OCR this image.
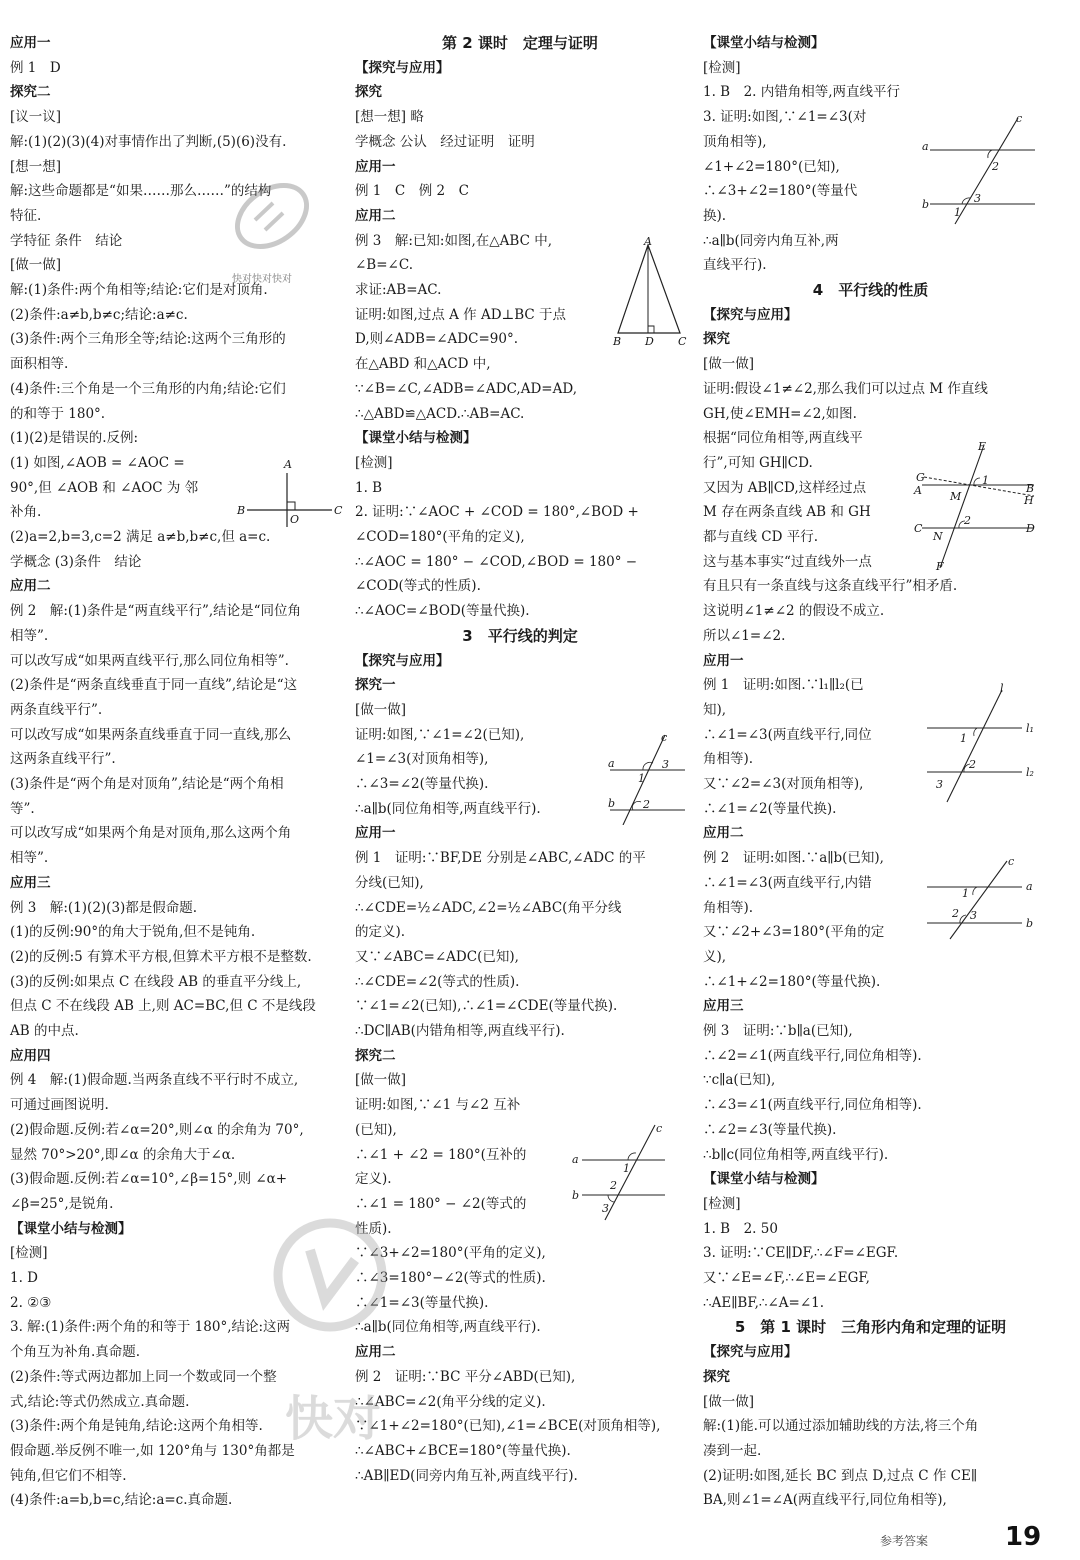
应用一
例 1　D
探究二
[议一议]
解:(1)(2)(3)(4)对事情作出了判断,(5)(6)没有.
[想一想]
解:这些命题都是“如果……那么……”的结构
特征.
学特征 条件　结论
[做一做]
解:(1)条件:两个角相等;结论:它们是对顶角.
(2)条件:a≠b,b≠c;结论:a≠c.
(3)条件:两个三角形全等;结论:这两个三角形的
面积相等.
(4)条件:三个角是一个三角形的内角;结论:它们
的和等于 180°.
(1)(2)是错误的.反例:
(1) 如图,∠AOB = ∠AOC =
90°,但 ∠AOB 和 ∠AOC 为 邻
补角.
(2)a=2,b=3,c=2 满足 a≠b,b≠c,但 a=c.
学概念 (3)条件　结论
应用二
例 2　解:(1)条件是“两直线平行”,结论是“同位角
相等”.
可以改写成“如果两直线平行,那么同位角相等”.
(2)条件是“两条直线垂直于同一直线”,结论是“这
两条直线平行”.
可以改写成“如果两条直线垂直于同一直线,那么
这两条直线平行”.
(3)条件是“两个角是对顶角”,结论是“两个角相
等”.
可以改写成“如果两个角是对顶角,那么这两个角
相等”.
应用三
例 3　解:(1)(2)(3)都是假命题.
(1)的反例:90°的角大于锐角,但不是钝角.
(2)的反例:5 有算术平方根,但算术平方根不是整数.
(3)的反例:如果点 C 在线段 AB 的垂直平分线上,
但点 C 不在线段 AB 上,则 AC=BC,但 C 不是线段
AB 的中点.
应用四
例 4　解:(1)假命题.当两条直线不平行时不成立,
可通过画图说明.
(2)假命题.反例:若∠α=20°,则∠α 的余角为 70°,
显然 70°>20°,即∠α 的余角大于∠α.
(3)假命题.反例:若∠α=10°,∠β=15°,则 ∠α+
∠β=25°,是锐角.
【课堂小结与检测】
[检测]
1. D
2. ②③
3. 解:(1)条件:两个角的和等于 180°,结论:这两
个角互为补角.真命题.
(2)条件:等式两边都加上同一个数或同一个整
式,结论:等式仍然成立.真命题.
(3)条件:两个角是钝角,结论:这两个角相等.
假命题.举反例不唯一,如 120°角与 130°角都是
钝角,但它们不相等.
(4)条件:a=b,b=c,结论:a=c.真命题.
第 2 课时　定理与证明
【探究与应用】
探究
[想一想] 略
学概念 公认　经过证明　证明
应用一
例 1　C　例 2　C
应用二
例 3　解:已知:如图,在△ABC 中,
∠B=∠C.
求证:AB=AC.
证明:如图,过点 A 作 AD⊥BC 于点
D,则∠ADB=∠ADC=90°.
在△ABD 和△ACD 中,
∵∠B=∠C,∠ADB=∠ADC,AD=AD,
∴△ABD≌△ACD.∴AB=AC.
【课堂小结与检测】
[检测]
1. B
2. 证明:∵∠AOC + ∠COD = 180°,∠BOD +
∠COD=180°(平角的定义),
∴∠AOC = 180° − ∠COD,∠BOD = 180° −
∠COD(等式的性质).
∴∠AOC=∠BOD(等量代换).
3　平行线的判定
【探究与应用】
探究一
[做一做]
证明:如图,∵∠1=∠2(已知),
∠1=∠3(对顶角相等),
∴∠3=∠2(等量代换).
∴a∥b(同位角相等,两直线平行).
应用一
例 1　证明:∵BF,DE 分别是∠ABC,∠ADC 的平
分线(已知),
∴∠CDE=½∠ADC,∠2=½∠ABC(角平分线
的定义).
又∵∠ABC=∠ADC(已知),
∴∠CDE=∠2(等式的性质).
∵∠1=∠2(已知),∴∠1=∠CDE(等量代换).
∴DC∥AB(内错角相等,两直线平行).
探究二
[做一做]
证明:如图,∵∠1 与∠2 互补
(已知),
∴∠1 + ∠2 = 180°(互补的
定义).
∴∠1 = 180° − ∠2(等式的
性质).
∵∠3+∠2=180°(平角的定义),
∴∠3=180°−∠2(等式的性质).
∴∠1=∠3(等量代换).
∴a∥b(同位角相等,两直线平行).
应用二
例 2　证明:∵BC 平分∠ABD(已知),
∴∠ABC=∠2(角平分线的定义).
∵∠1+∠2=180°(已知),∠1=∠BCE(对顶角相等),
∴∠ABC+∠BCE=180°(等量代换).
∴AB∥ED(同旁内角互补,两直线平行).
【课堂小结与检测】
[检测]
1. B　2. 内错角相等,两直线平行
3. 证明:如图,∵∠1=∠3(对
顶角相等),
∠1+∠2=180°(已知),
∴∠3+∠2=180°(等量代
换).
∴a∥b(同旁内角互补,两
直线平行).
4　平行线的性质
【探究与应用】
探究
[做一做]
证明:假设∠1≠∠2,那么我们可以过点 M 作直线
GH,使∠EMH=∠2,如图.
根据“同位角相等,两直线平
行”,可知 GH∥CD.
又因为 AB∥CD,这样经过点
M 存在两条直线 AB 和 GH
都与直线 CD 平行.
这与基本事实“过直线外一点
有且只有一条直线与这条直线平行”相矛盾.
这说明∠1≠∠2 的假设不成立.
所以∠1=∠2.
应用一
例 1　证明:如图.∵l₁∥l₂(已
知),
∴∠1=∠3(两直线平行,同位
角相等).
又∵∠2=∠3(对顶角相等),
∴∠1=∠2(等量代换).
应用二
例 2　证明:如图.∵a∥b(已知),
∴∠1=∠3(两直线平行,内错
角相等).
又∵∠2+∠3=180°(平角的定
义),
∴∠1+∠2=180°(等量代换).
应用三
例 3　证明:∵b∥a(已知),
∴∠2=∠1(两直线平行,同位角相等).
∵c∥a(已知),
∴∠3=∠1(两直线平行,同位角相等).
∴∠2=∠3(等量代换).
∴b∥c(同位角相等,两直线平行).
【课堂小结与检测】
[检测]
1. B　2. 50
3. 证明:∵CE∥DF,∴∠F=∠EGF.
又∵∠E=∠F,∴∠E=∠EGF,
∴AE∥BF,∴∠A=∠1.
5　第 1 课时　三角形内角和定理的证明
【探究与应用】
探究
[做一做]
解:(1)能.可以通过添加辅助线的方法,将三个角
凑到一起.
(2)证明:如图,延长 BC 到点 D,过点 C 作 CE∥
BA,则∠1=∠A(两直线平行,同位角相等),
A
B
O
C
A
B D C
c
a
b
1
3
2
c
a
b
1
2
3
c
a
b
2
3
1
E
G
A	M
B
H
1
C
N
2
D
F
l
l₁
l₂
1
2
3
c
a
b
1
2 3
快对快对快对
快对
参考答案	19
